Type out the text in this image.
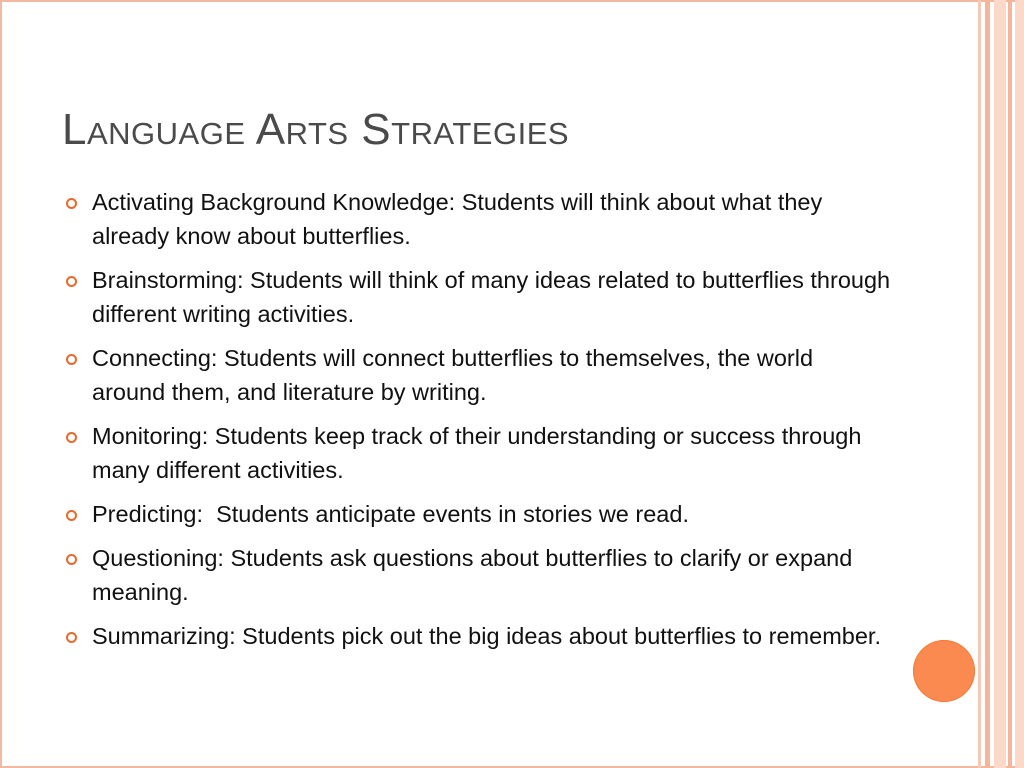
Language Arts Strategies
Activating Background Knowledge: Students will think about what they already know about butterflies.
Brainstorming: Students will think of many ideas related to butterflies through different writing activities.
Connecting: Students will connect butterflies to themselves, the world around them, and literature by writing.
Monitoring: Students keep track of their understanding or success through many different activities.
Predicting:  Students anticipate events in stories we read.
Questioning: Students ask questions about butterflies to clarify or expand meaning.
Summarizing: Students pick out the big ideas about butterflies to remember.
